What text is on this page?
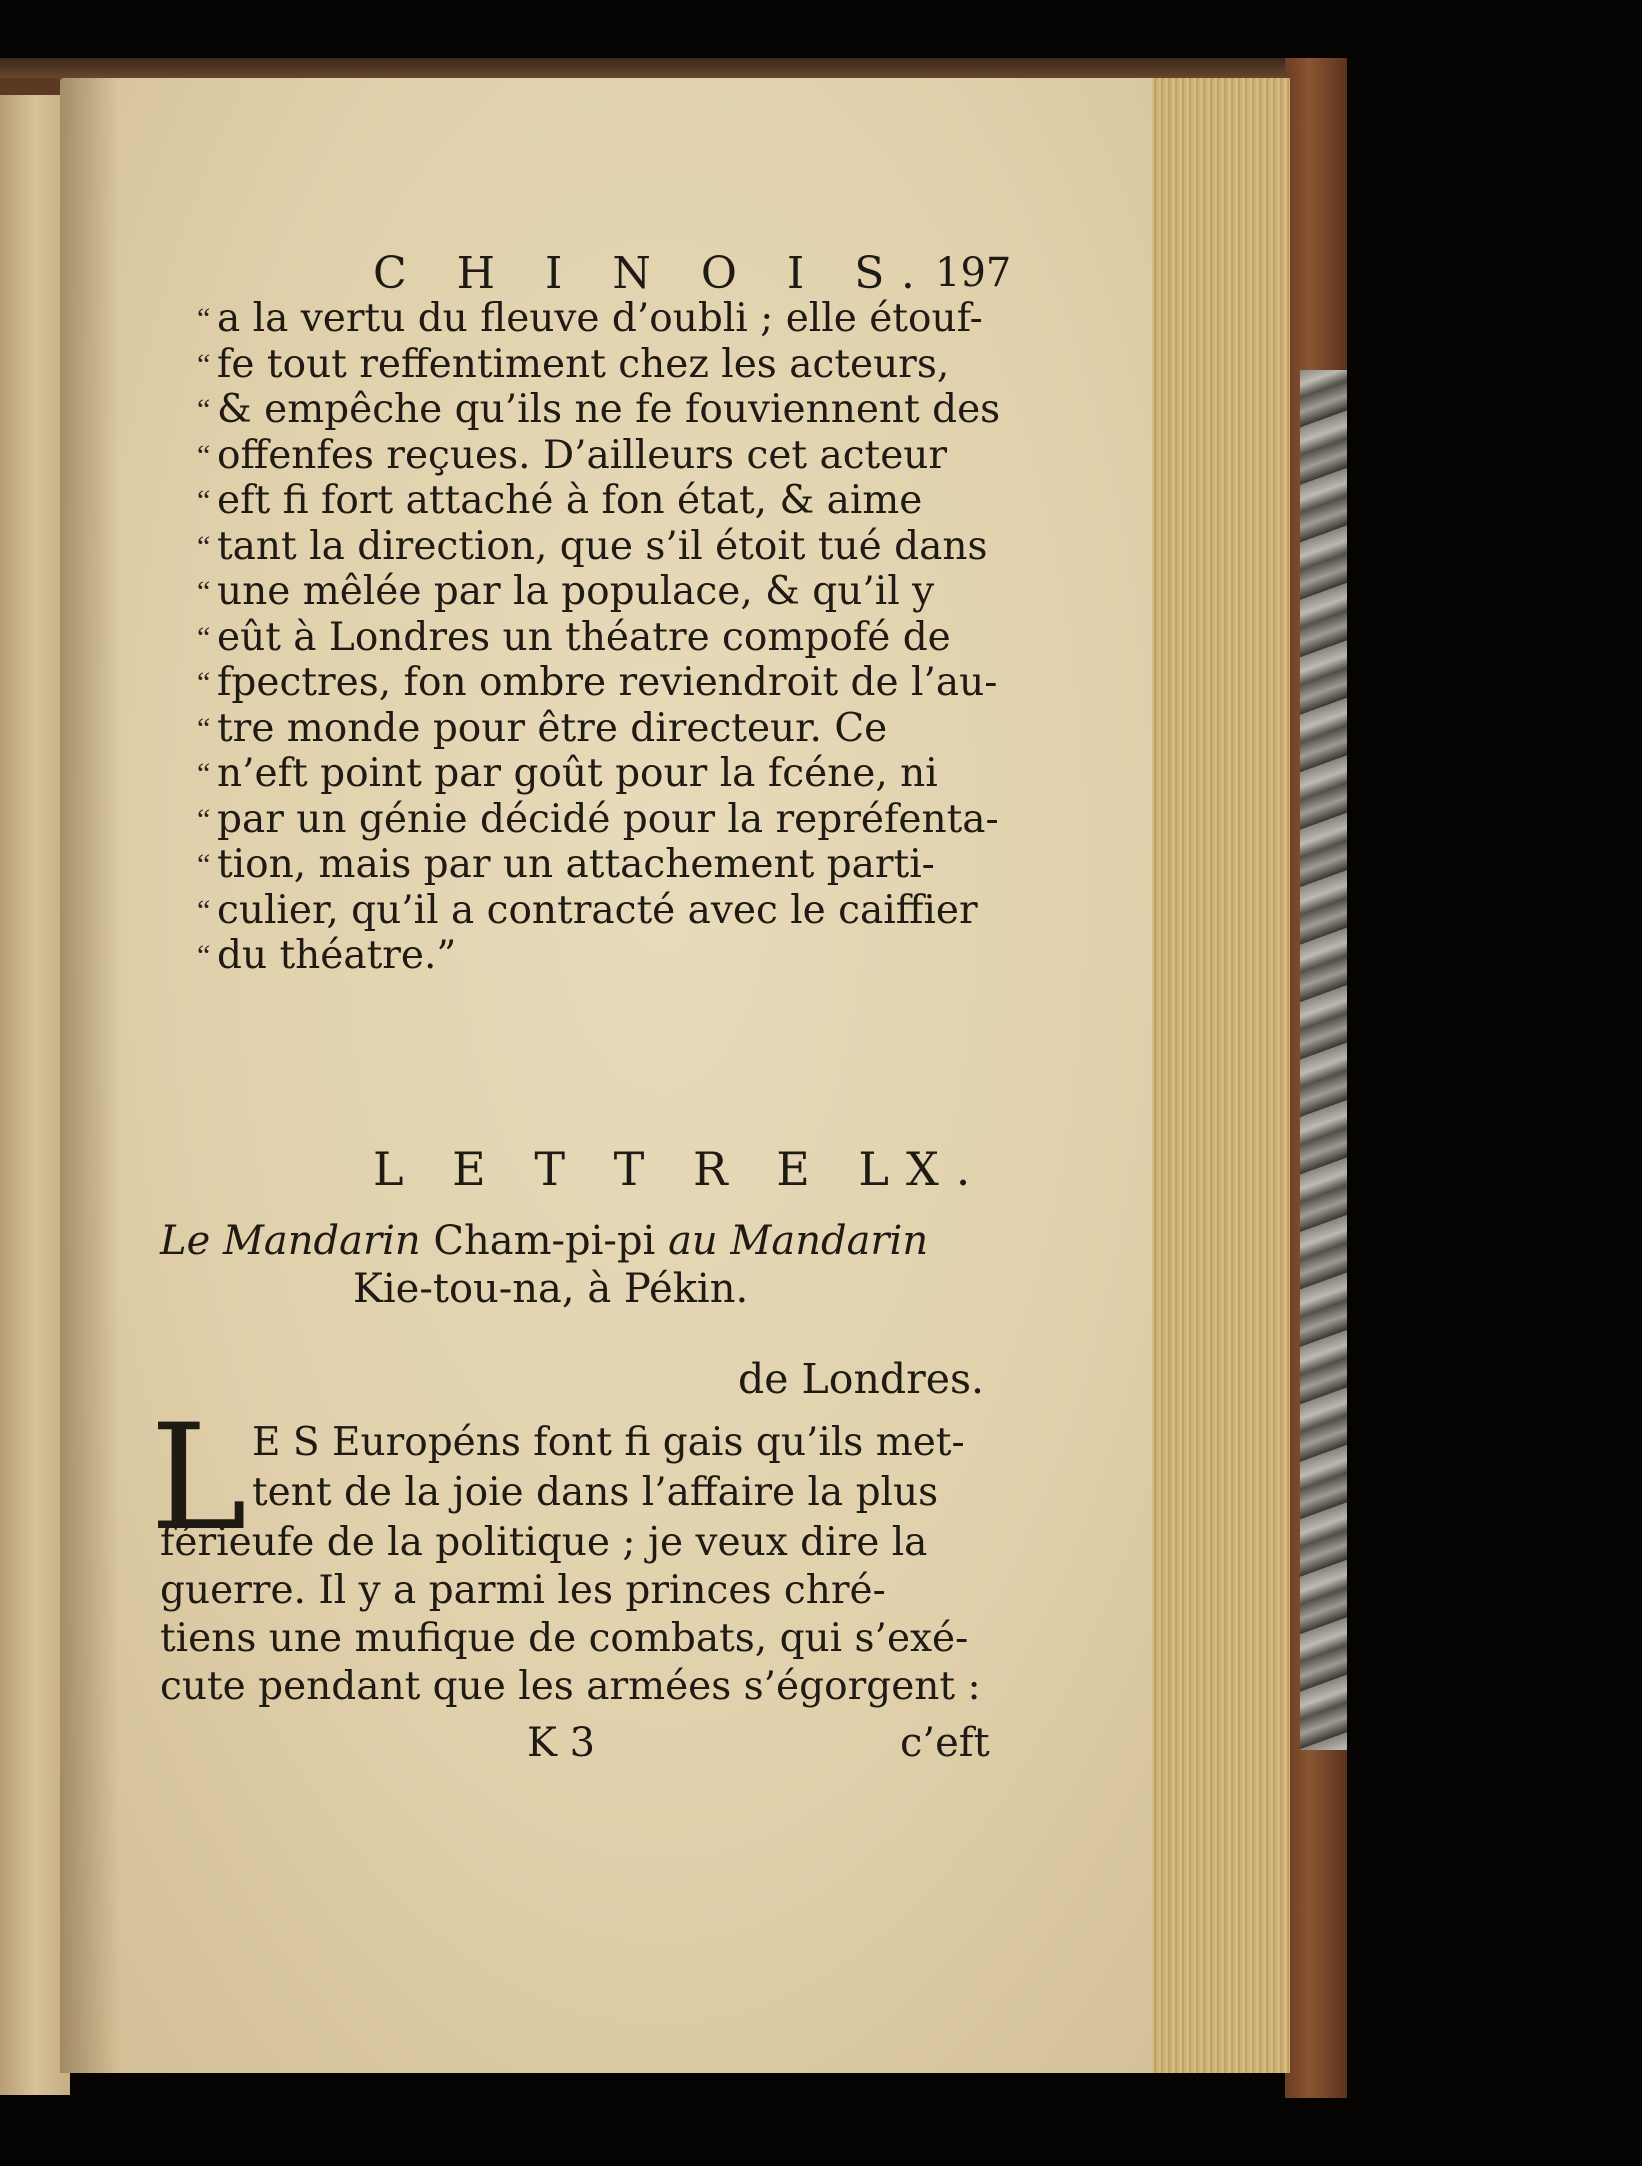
C H I N O I S. 197
“ a la vertu du fleuve d’oubli ; elle étouf-
“ fe tout reffentiment chez les acteurs,
“ & empêche qu’ils ne fe fouviennent des
“ offenfes reçues. D’ailleurs cet acteur
“ eft fi fort attaché à fon état, & aime
“ tant la direction, que s’il étoit tué dans
“ une mêlée par la populace, & qu’il y
“ eût à Londres un théatre compofé de
“ fpectres, fon ombre reviendroit de l’au-
“ tre monde pour être directeur. Ce
“ n’eft point par goût pour la fcéne, ni
“ par un génie décidé pour la repréfenta-
“ tion, mais par un attachement parti-
“ culier, qu’il a contracté avec le caiffier
“ du théatre.”
L E T T R E LX.
Le Mandarin Cham-pi-pi au Mandarin
Kie-tou-na, à Pékin.
de Londres.
L E S Européns font fi gais qu’ils met-
tent de la joie dans l’affaire la plus
férieufe de la politique ; je veux dire la
guerre. Il y a parmi les princes chré-
tiens une mufique de combats, qui s’exé-
cute pendant que les armées s’égorgent :
K 3	c’eft
